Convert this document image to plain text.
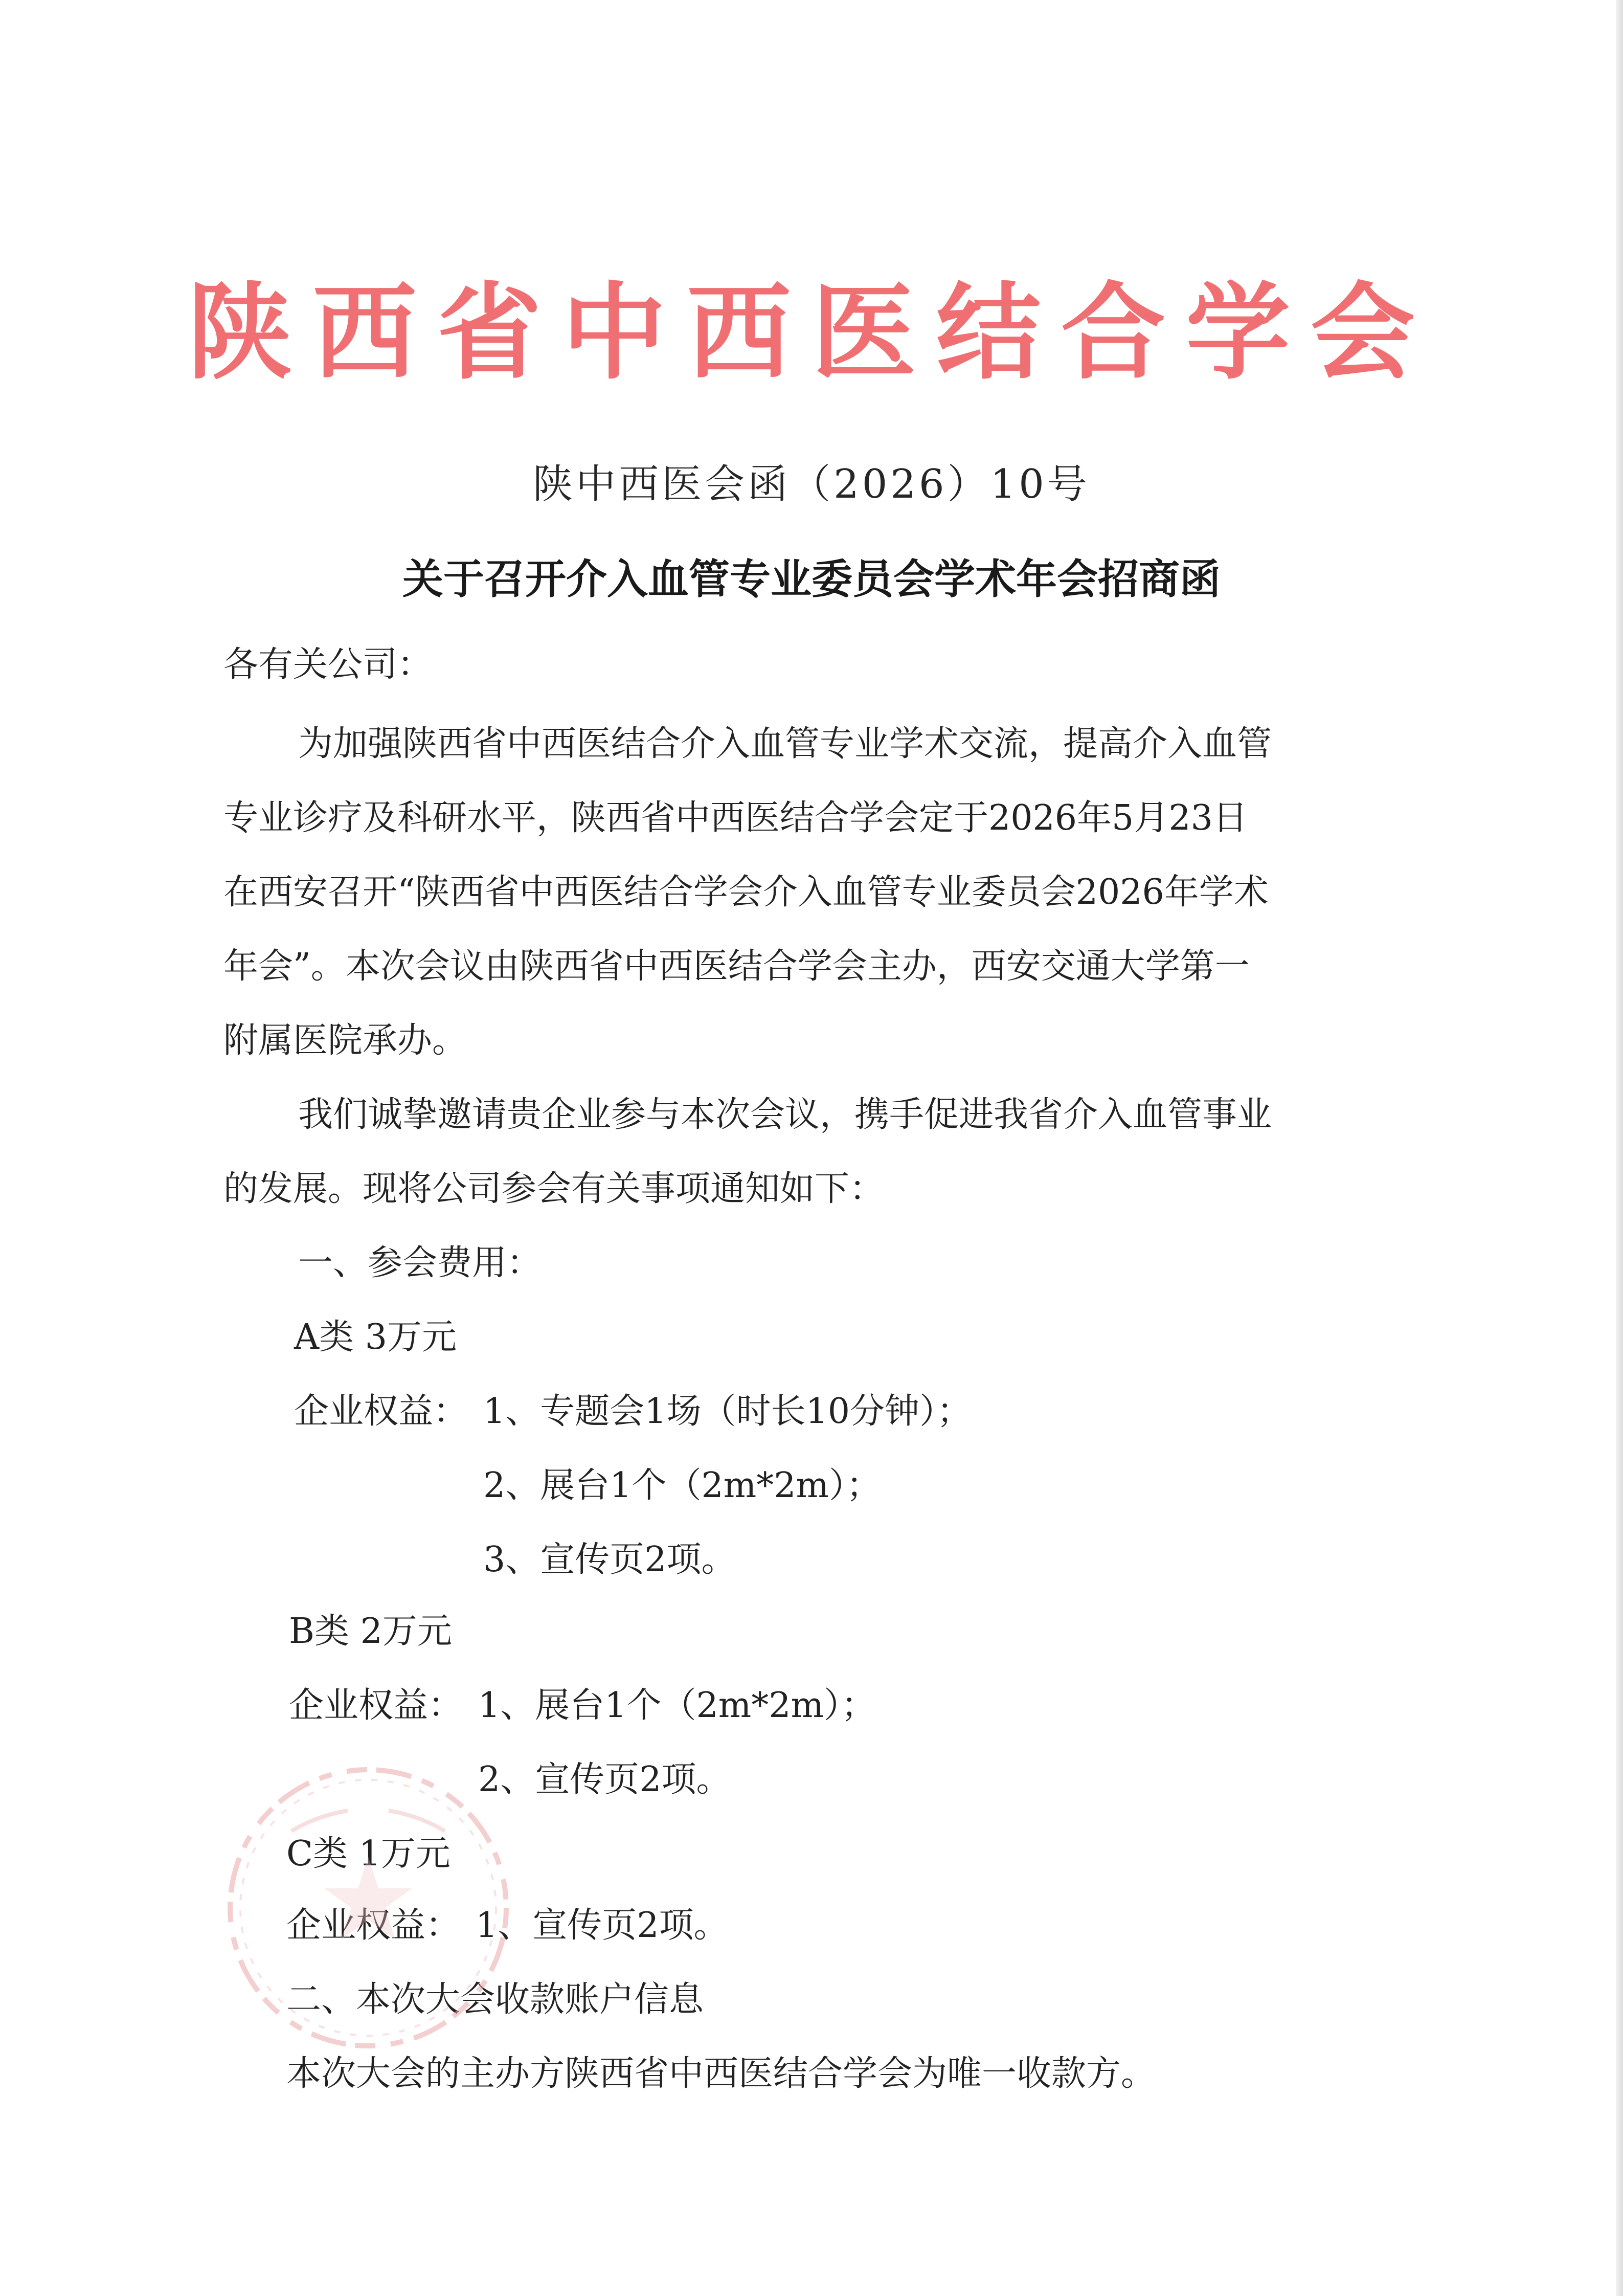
陕西省中西医结合学会
陕中西医会函（2026）10号
关于召开介入血管专业委员会学术年会招商函
各有关公司：
为加强陕西省中西医结合介入血管专业学术交流，提高介入血管
专业诊疗及科研水平，陕西省中西医结合学会定于2026年5月23日
在西安召开“陕西省中西医结合学会介入血管专业委员会2026年学术
年会”。本次会议由陕西省中西医结合学会主办，西安交通大学第一
附属医院承办。
我们诚挚邀请贵企业参与本次会议，携手促进我省介入血管事业
的发展。现将公司参会有关事项通知如下：
一、参会费用：
A类 3万元
企业权益： 1、专题会1场（时长10分钟）；
2、展台1个（2m*2m）；
3、宣传页2项。
B类 2万元
企业权益： 1、展台1个（2m*2m）；
2、宣传页2项。
C类 1万元
企业权益： 1、宣传页2项。
二、本次大会收款账户信息
本次大会的主办方陕西省中西医结合学会为唯一收款方。
